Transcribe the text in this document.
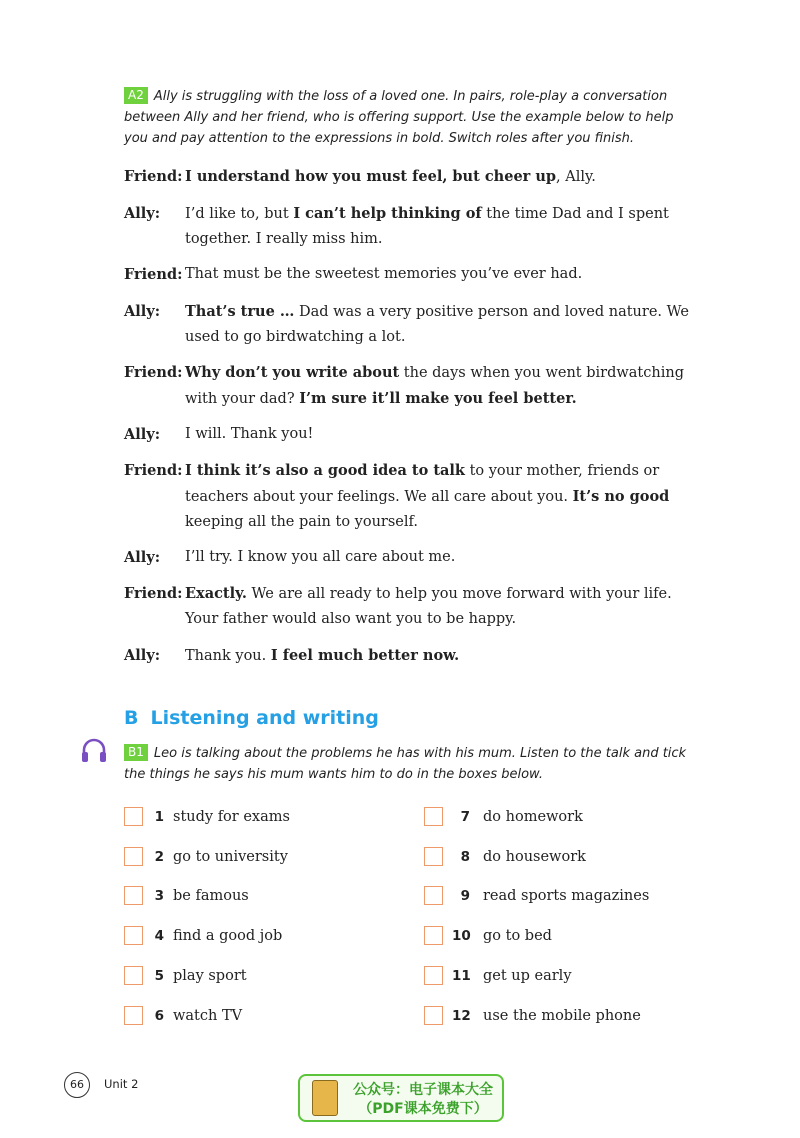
A2 Ally is struggling with the loss of a loved one. In pairs, role-play a conversation between Ally and her friend, who is offering support. Use the example below to help you and pay attention to the expressions in bold. Switch roles after you finish.
Friend: I understand how you must feel, but cheer up, Ally.
Ally: I’d like to, but I can’t help thinking of the time Dad and I spent together. I really miss him.
Friend: That must be the sweetest memories you’ve ever had.
Ally: That’s true … Dad was a very positive person and loved nature. We used to go birdwatching a lot.
Friend: Why don’t you write about the days when you went birdwatching with your dad? I’m sure it’ll make you feel better.
Ally: I will. Thank you!
Friend: I think it’s also a good idea to talk to your mother, friends or teachers about your feelings. We all care about you. It’s no good keeping all the pain to yourself.
Ally: I’ll try. I know you all care about me.
Friend: Exactly. We are all ready to help you move forward with your life. Your father would also want you to be happy.
Ally: Thank you. I feel much better now.
B Listening and writing
B1 Leo is talking about the problems he has with his mum. Listen to the talk and tick the things he says his mum wants him to do in the boxes below.
1 study for exams
2 go to university
3 be famous
4 find a good job
5 play sport
6 watch TV
7 do homework
8 do housework
9 read sports magazines
10 go to bed
11 get up early
12 use the mobile phone
66	Unit 2	公众号：电子课本大全
（PDF课本免费下）
